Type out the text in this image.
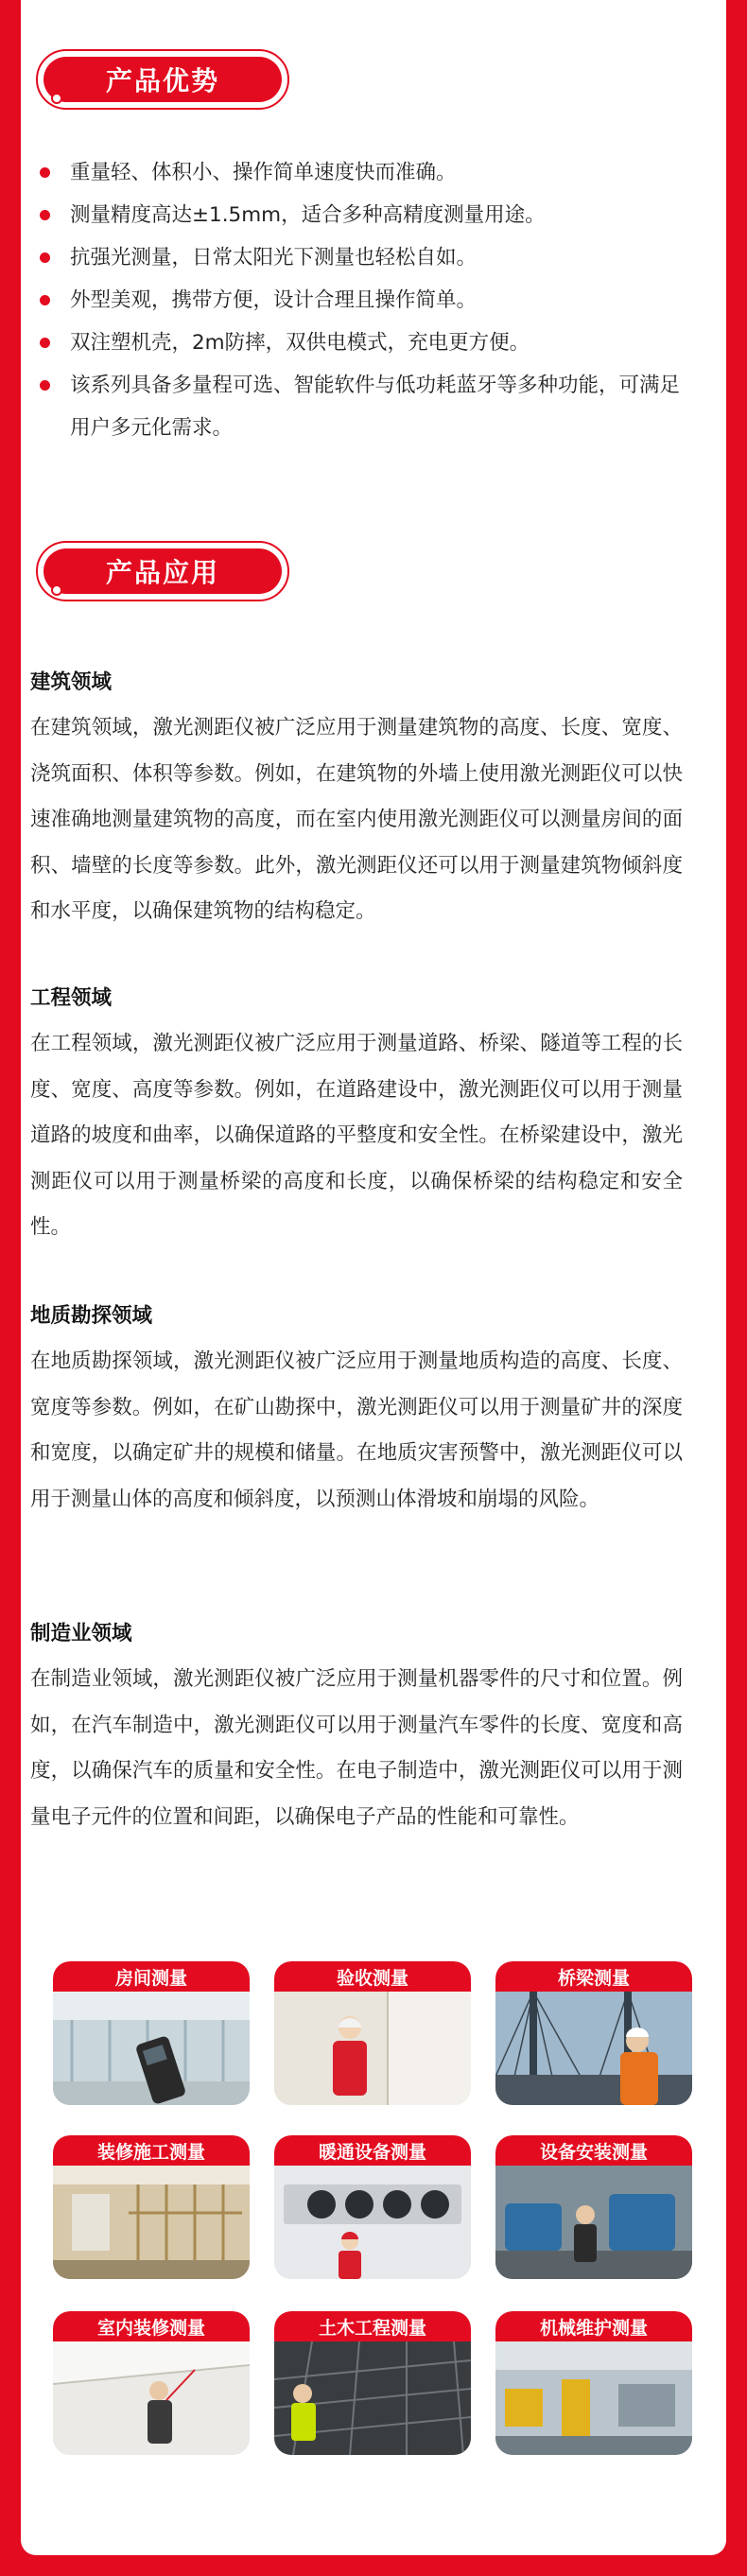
产品优势
重量轻、体积小、操作简单速度快而准确。
测量精度高达±1.5mm，适合多种高精度测量用途。
抗强光测量，日常太阳光下测量也轻松自如。
外型美观，携带方便，设计合理且操作简单。
双注塑机壳，2m防摔，双供电模式，充电更方便。
该系列具备多量程可选、智能软件与低功耗蓝牙等多种功能，可满足用户多元化需求。
产品应用
建筑领域
在建筑领域，激光测距仪被广泛应用于测量建筑物的高度、长度、宽度、浇筑面积、体积等参数。例如，在建筑物的外墙上使用激光测距仪可以快速准确地测量建筑物的高度，而在室内使用激光测距仪可以测量房间的面积、墙壁的长度等参数。此外，激光测距仪还可以用于测量建筑物倾斜度和水平度，以确保建筑物的结构稳定。
工程领域
在工程领域，激光测距仪被广泛应用于测量道路、桥梁、隧道等工程的长度、宽度、高度等参数。例如，在道路建设中，激光测距仪可以用于测量道路的坡度和曲率，以确保道路的平整度和安全性。在桥梁建设中，激光测距仪可以用于测量桥梁的高度和长度，以确保桥梁的结构稳定和安全性。
地质勘探领域
在地质勘探领域，激光测距仪被广泛应用于测量地质构造的高度、长度、宽度等参数。例如，在矿山勘探中，激光测距仪可以用于测量矿井的深度和宽度，以确定矿井的规模和储量。在地质灾害预警中，激光测距仪可以用于测量山体的高度和倾斜度，以预测山体滑坡和崩塌的风险。
制造业领域
在制造业领域，激光测距仪被广泛应用于测量机器零件的尺寸和位置。例如，在汽车制造中，激光测距仪可以用于测量汽车零件的长度、宽度和高度，以确保汽车的质量和安全性。在电子制造中，激光测距仪可以用于测量电子元件的位置和间距，以确保电子产品的性能和可靠性。
房间测量	验收测量	桥梁测量
装修施工测量	暖通设备测量	设备安装测量
室内装修测量	土木工程测量	机械维护测量
